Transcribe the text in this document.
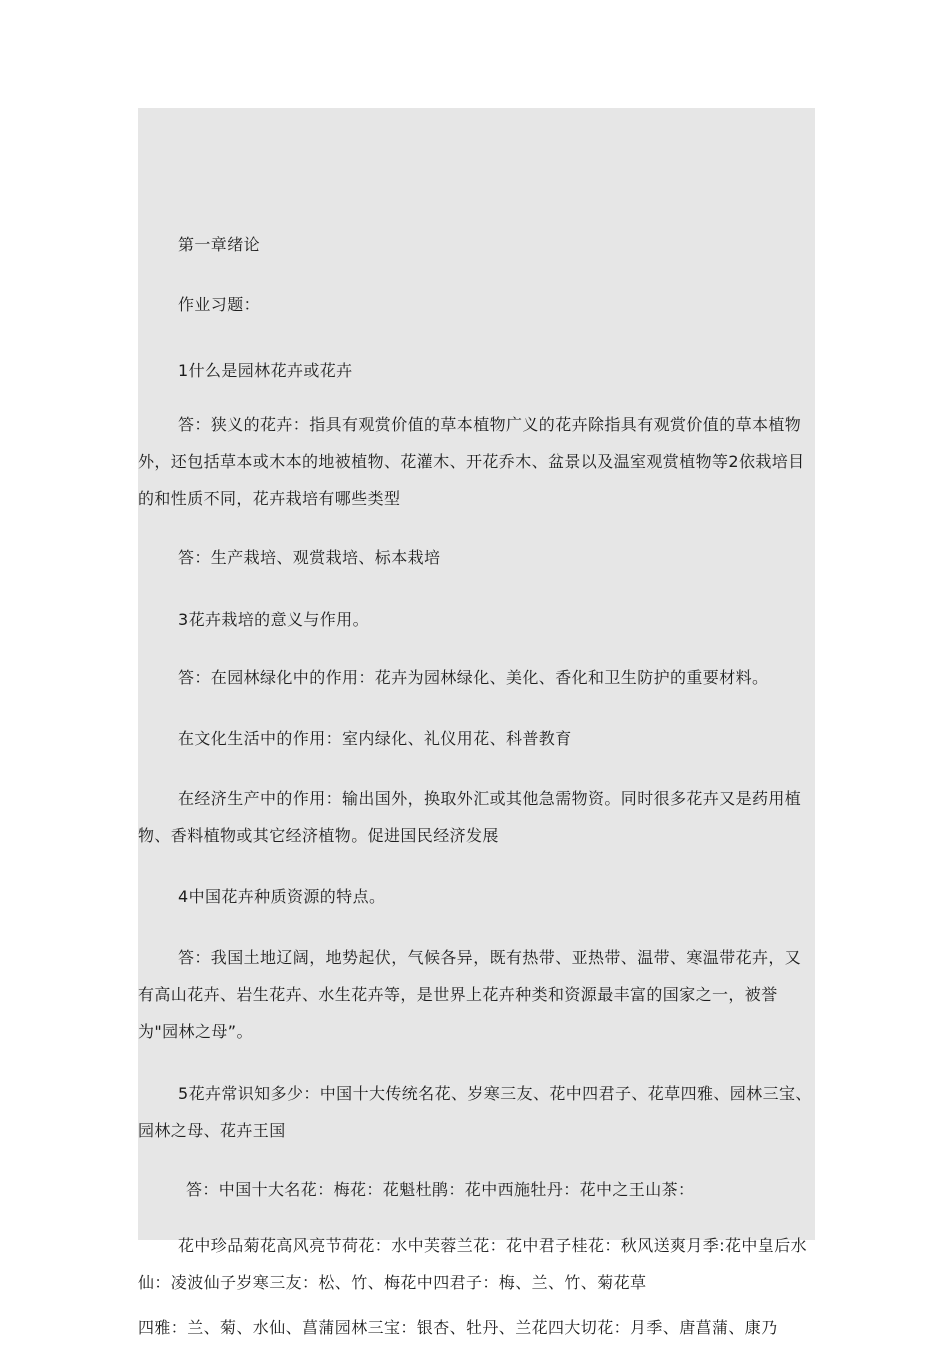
第一章绪论

作业习题：

1什么是园林花卉或花卉

答：狭义的花卉：指具有观赏价值的草本植物广义的花卉除指具有观赏价值的草本植物外，还包括草本或木本的地被植物、花灌木、开花乔木、盆景以及温室观赏植物等2依栽培目的和性质不同，花卉栽培有哪些类型

答：生产栽培、观赏栽培、标本栽培

3花卉栽培的意义与作用。

答：在园林绿化中的作用：花卉为园林绿化、美化、香化和卫生防护的重要材料。

在文化生活中的作用：室内绿化、礼仪用花、科普教育

在经济生产中的作用：输出国外，换取外汇或其他急需物资。同时很多花卉又是药用植物、香料植物或其它经济植物。促进国民经济发展

4中国花卉种质资源的特点。

答：我国土地辽阔，地势起伏，气候各异，既有热带、亚热带、温带、寒温带花卉，又有高山花卉、岩生花卉、水生花卉等，是世界上花卉种类和资源最丰富的国家之一，被誉为"园林之母”。

5花卉常识知多少：中国十大传统名花、岁寒三友、花中四君子、花草四雅、园林三宝、园林之母、花卉王国

答：中国十大名花：梅花：花魁杜鹃：花中西施牡丹：花中之王山茶：

花中珍品菊花高风亮节荷花：水中芙蓉兰花：花中君子桂花：秋风送爽月季:花中皇后水仙：凌波仙子岁寒三友：松、竹、梅花中四君子：梅、兰、竹、菊花草

四雅：兰、菊、水仙、菖蒲园林三宝：银杏、牡丹、兰花四大切花：月季、唐菖蒲、康乃
